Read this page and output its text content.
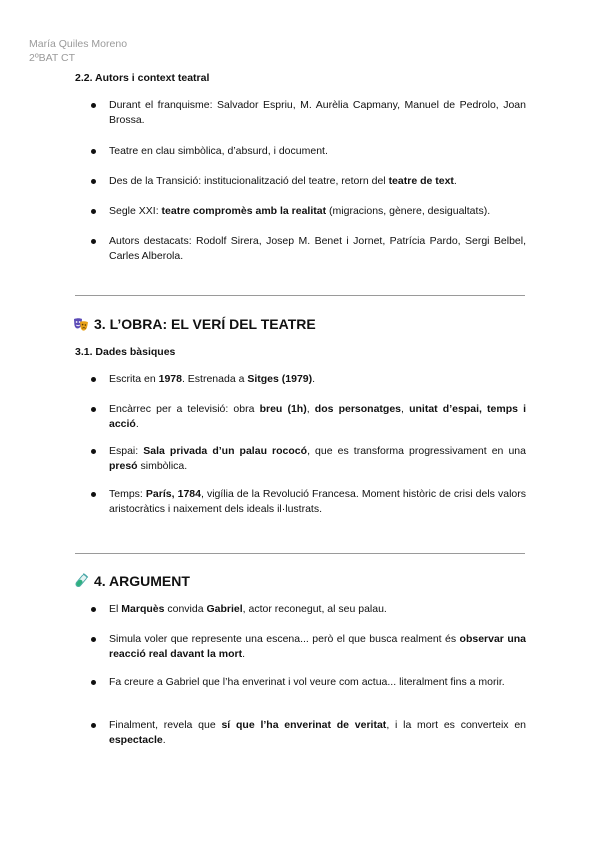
María Quiles Moreno
2ºBAT CT
2.2. Autors i context teatral
Durant el franquisme: Salvador Espriu, M. Aurèlia Capmany, Manuel de Pedrolo, Joan Brossa.
Teatre en clau simbòlica, d’absurd, i document.
Des de la Transició: institucionalització del teatre, retorn del teatre de text.
Segle XXI: teatre compromès amb la realitat (migracions, gènere, desigualtats).
Autors destacats: Rodolf Sirera, Josep M. Benet i Jornet, Patrícia Pardo, Sergi Belbel, Carles Alberola.
3. L’OBRA: EL VERÍ DEL TEATRE
3.1. Dades bàsiques
Escrita en 1978. Estrenada a Sitges (1979).
Encàrrec per a televisió: obra breu (1h), dos personatges, unitat d’espai, temps i acció.
Espai: Sala privada d’un palau rococó, que es transforma progressivament en una presó simbòlica.
Temps: París, 1784, vigília de la Revolució Francesa. Moment històric de crisi dels valors aristocràtics i naixement dels ideals il·lustrats.
4. ARGUMENT
El Marquès convida Gabriel, actor reconegut, al seu palau.
Simula voler que represente una escena... però el que busca realment és observar una reacció real davant la mort.
Fa creure a Gabriel que l’ha enverinat i vol veure com actua... literalment fins a morir.
Finalment, revela que sí que l’ha enverinat de veritat, i la mort es converteix en espectacle.
